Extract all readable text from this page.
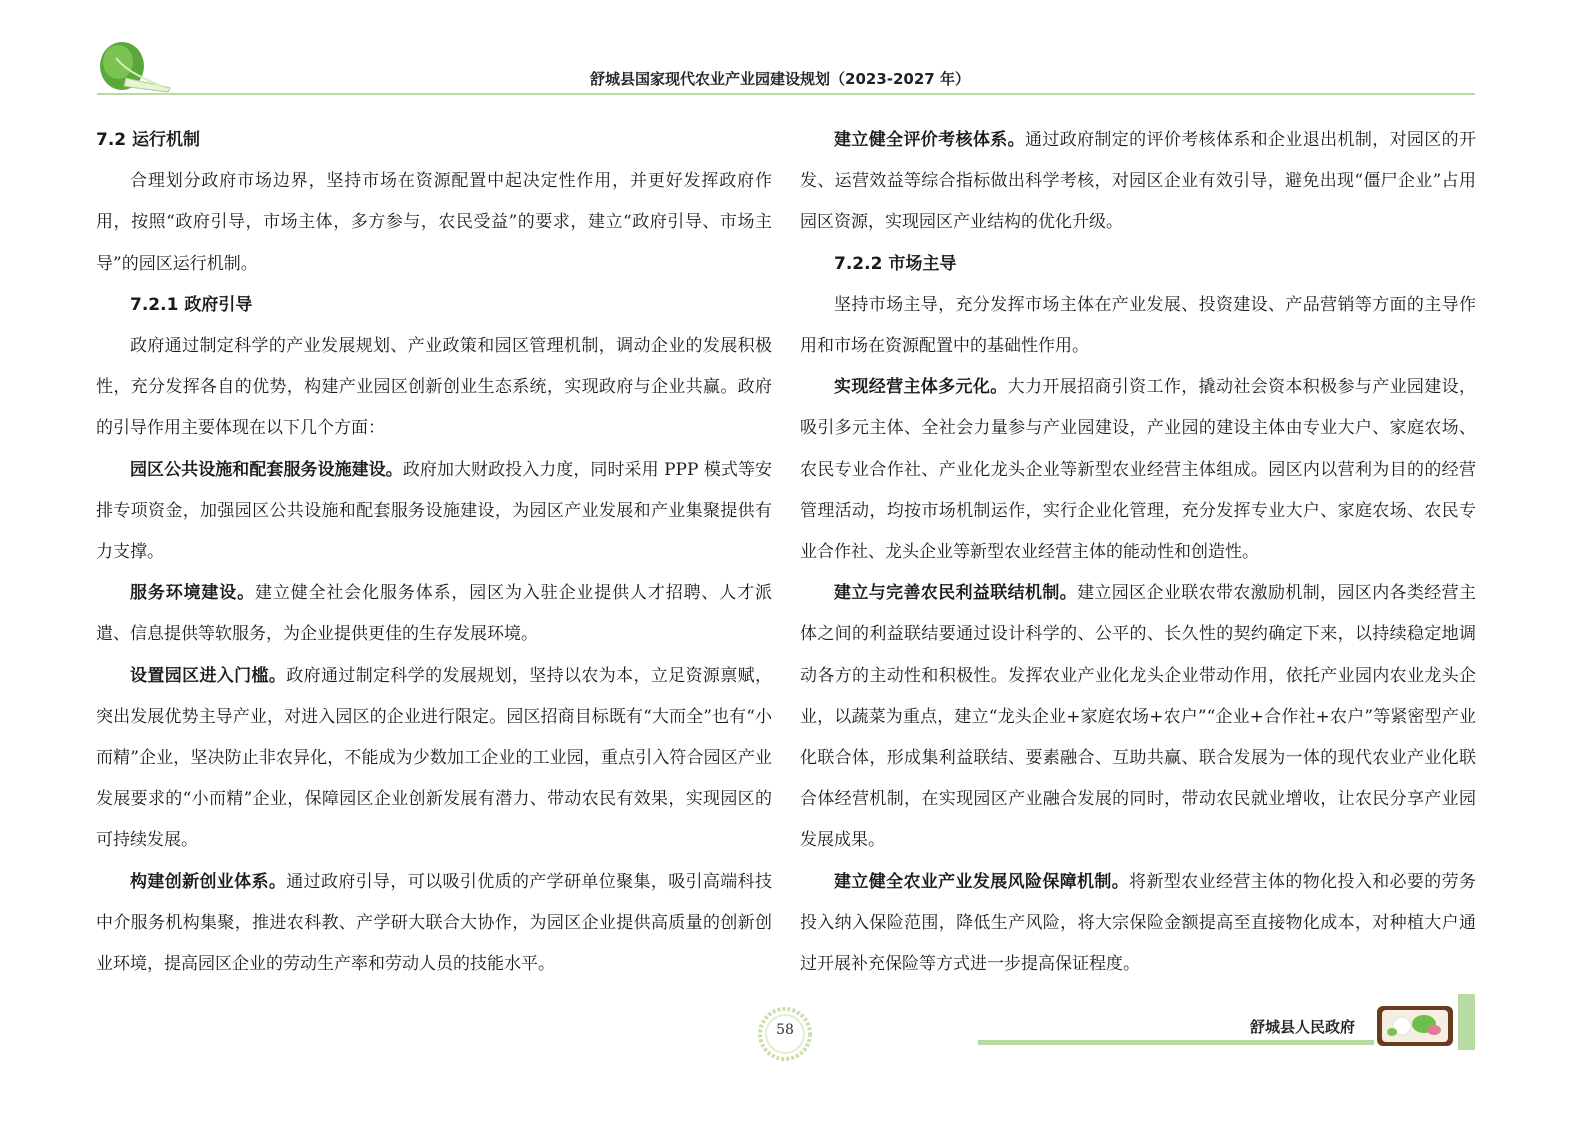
舒城县国家现代农业产业园建设规划（2023-2027 年）

7.2 运行机制

合理划分政府市场边界，坚持市场在资源配置中起决定性作用，并更好发挥政府作用，按照“政府引导，市场主体，多方参与，农民受益”的要求，建立“政府引导、市场主导”的园区运行机制。

7.2.1 政府引导

政府通过制定科学的产业发展规划、产业政策和园区管理机制，调动企业的发展积极性，充分发挥各自的优势，构建产业园区创新创业生态系统，实现政府与企业共赢。政府的引导作用主要体现在以下几个方面：

园区公共设施和配套服务设施建设。政府加大财政投入力度，同时采用 PPP 模式等安排专项资金，加强园区公共设施和配套服务设施建设，为园区产业发展和产业集聚提供有力支撑。

服务环境建设。建立健全社会化服务体系，园区为入驻企业提供人才招聘、人才派遣、信息提供等软服务，为企业提供更佳的生存发展环境。

设置园区进入门槛。政府通过制定科学的发展规划，坚持以农为本，立足资源禀赋，突出发展优势主导产业，对进入园区的企业进行限定。园区招商目标既有“大而全”也有“小而精”企业，坚决防止非农异化，不能成为少数加工企业的工业园，重点引入符合园区产业发展要求的“小而精”企业，保障园区企业创新发展有潜力、带动农民有效果，实现园区的可持续发展。

构建创新创业体系。通过政府引导，可以吸引优质的产学研单位聚集，吸引高端科技中介服务机构集聚，推进农科教、产学研大联合大协作，为园区企业提供高质量的创新创业环境，提高园区企业的劳动生产率和劳动人员的技能水平。

建立健全评价考核体系。通过政府制定的评价考核体系和企业退出机制，对园区的开发、运营效益等综合指标做出科学考核，对园区企业有效引导，避免出现“僵尸企业”占用园区资源，实现园区产业结构的优化升级。

7.2.2 市场主导

坚持市场主导，充分发挥市场主体在产业发展、投资建设、产品营销等方面的主导作用和市场在资源配置中的基础性作用。

实现经营主体多元化。大力开展招商引资工作，撬动社会资本积极参与产业园建设，吸引多元主体、全社会力量参与产业园建设，产业园的建设主体由专业大户、家庭农场、农民专业合作社、产业化龙头企业等新型农业经营主体组成。园区内以营利为目的的经营管理活动，均按市场机制运作，实行企业化管理，充分发挥专业大户、家庭农场、农民专业合作社、龙头企业等新型农业经营主体的能动性和创造性。

建立与完善农民利益联结机制。建立园区企业联农带农激励机制，园区内各类经营主体之间的利益联结要通过设计科学的、公平的、长久性的契约确定下来，以持续稳定地调动各方的主动性和积极性。发挥农业产业化龙头企业带动作用，依托产业园内农业龙头企业，以蔬菜为重点，建立“龙头企业+家庭农场+农户”“企业+合作社+农户”等紧密型产业化联合体，形成集利益联结、要素融合、互助共赢、联合发展为一体的现代农业产业化联合体经营机制，在实现园区产业融合发展的同时，带动农民就业增收，让农民分享产业园发展成果。

建立健全农业产业发展风险保障机制。将新型农业经营主体的物化投入和必要的劳务投入纳入保险范围，降低生产风险，将大宗保险金额提高至直接物化成本，对种植大户通过开展补充保险等方式进一步提高保证程度。

58	舒城县人民政府
